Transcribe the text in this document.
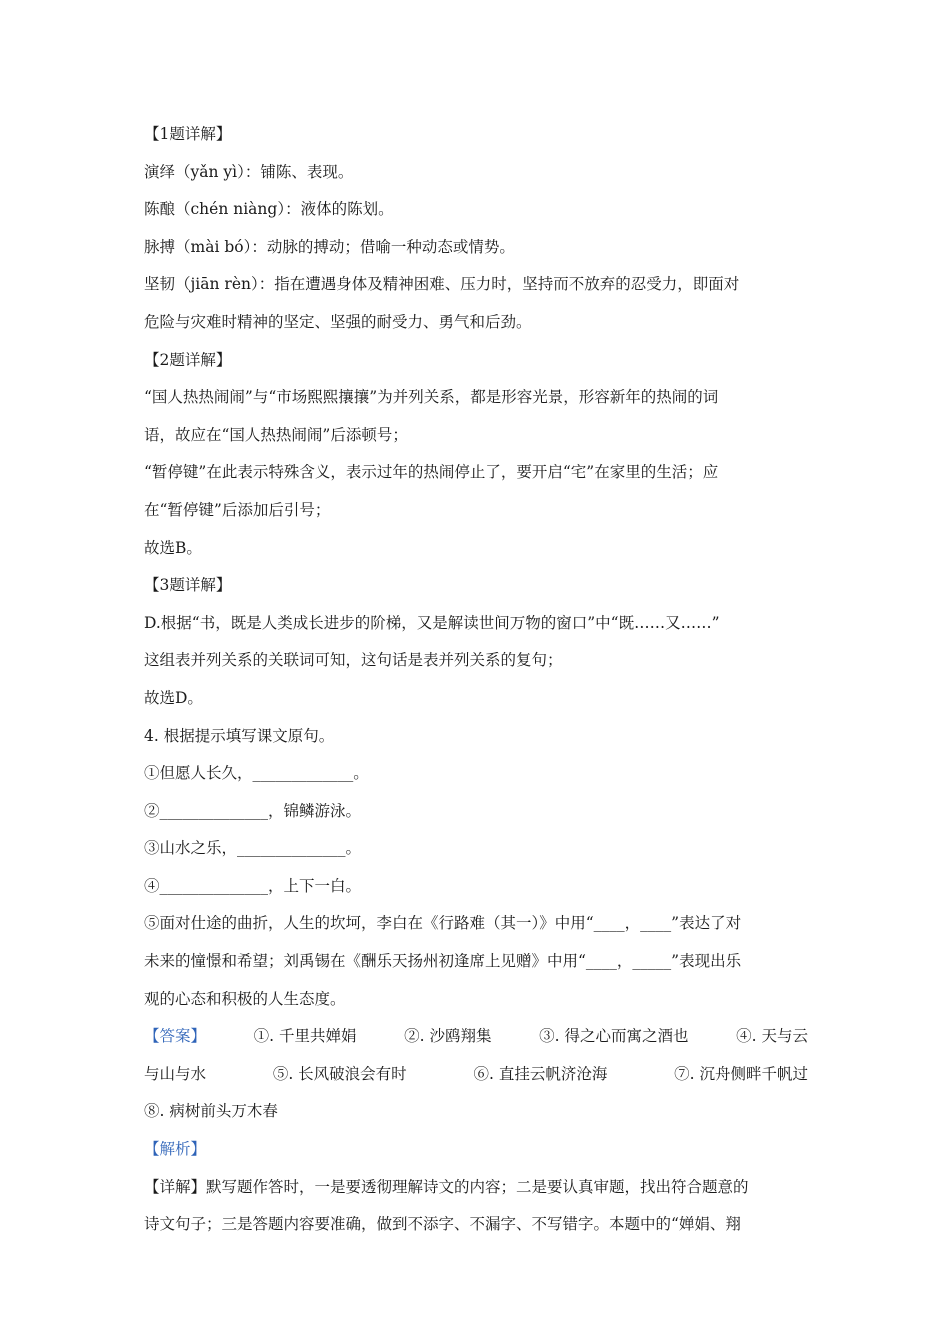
【1题详解】
演绎（yǎn yì）：铺陈、表现。
陈酿（chén niàng）：液体的陈划。
脉搏（mài bó）：动脉的搏动；借喻一种动态或情势。
坚韧（jiān rèn）：指在遭遇身体及精神困难、压力时，坚持而不放弃的忍受力，即面对
危险与灾难时精神的坚定、坚强的耐受力、勇气和后劲。
【2题详解】
“国人热热闹闹”与“市场熙熙攘攘”为并列关系，都是形容光景，形容新年的热闹的词
语，故应在“国人热热闹闹”后添顿号；
“暂停键”在此表示特殊含义，表示过年的热闹停止了，要开启“宅”在家里的生活；应
在“暂停键”后添加后引号；
故选B。
【3题详解】
D.根据“书，既是人类成长进步的阶梯，又是解读世间万物的窗口”中“既……又……”
这组表并列关系的关联词可知，这句话是表并列关系的复句；
故选D。
4. 根据提示填写课文原句。
①但愿人长久，_____________。
②______________，锦鳞游泳。
③山水之乐，______________。
④______________，上下一白。
⑤面对仕途的曲折，人生的坎坷，李白在《行路难（其一）》中用“____，____”表达了对
未来的憧憬和希望；刘禹锡在《酬乐天扬州初逢席上见赠》中用“____，_____”表现出乐
观的心态和积极的人生态度。
【答案】	①. 千里共婵娟	②. 沙鸥翔集	③. 得之心而寓之酒也	④. 天与云
与山与水	⑤. 长风破浪会有时	⑥. 直挂云帆济沧海	⑦. 沉舟侧畔千帆过
⑧. 病树前头万木春
【解析】
【详解】默写题作答时，一是要透彻理解诗文的内容；二是要认真审题，找出符合题意的
诗文句子；三是答题内容要准确，做到不添字、不漏字、不写错字。本题中的“婵娟、翔
